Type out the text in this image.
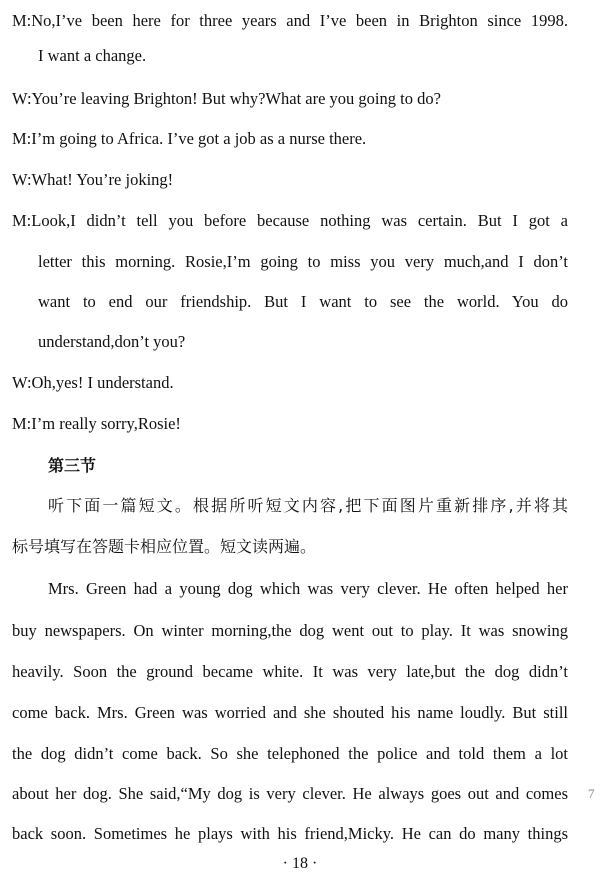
M:No,I’ve been here for three years and I’ve been in Brighton since 1998.
I want a change.
W:You’re leaving Brighton! But why?What are you going to do?
M:I’m going to Africa. I’ve got a job as a nurse there.
W:What! You’re joking!
M:Look,I didn’t tell you before because nothing was certain. But I got a
letter this morning. Rosie,I’m going to miss you very much,and I don’t
want to end our friendship. But I want to see the world. You do
understand,don’t you?
W:Oh,yes! I understand.
M:I’m really sorry,Rosie!
第三节
听下面一篇短文。根据所听短文内容,把下面图片重新排序,并将其
标号填写在答题卡相应位置。短文读两遍。
Mrs. Green had a young dog which was very clever. He often helped her
buy newspapers. On winter morning,the dog went out to play. It was snowing
heavily. Soon the ground became white. It was very late,but the dog didn’t
come back. Mrs. Green was worried and she shouted his name loudly. But still
the dog didn’t come back. So she telephoned the police and told them a lot
about her dog. She said,“My dog is very clever. He always goes out and comes
back soon. Sometimes he plays with his friend,Micky. He can do many things
7
· 18 ·
